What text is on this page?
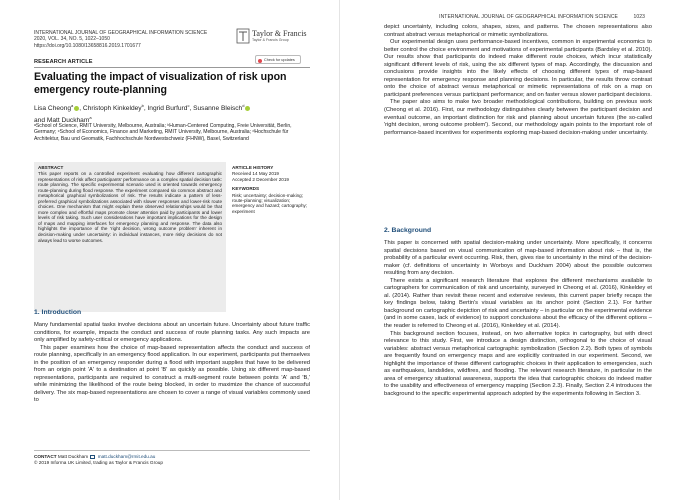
INTERNATIONAL JOURNAL OF GEOGRAPHICAL INFORMATION SCIENCE
2020, VOL. 34, NO. 5, 1022–1050
https://doi.org/10.1080/13658816.2019.1701677
Taylor & Francis
Taylor & Francis Group
Check for updates
RESEARCH ARTICLE
Evaluating the impact of visualization of risk upon emergency route-planning
Lisa Cheong$^a$ , Christoph Kinkeldey$^b$, Ingrid Burfurd$^c$, Susanne Bleisch$^d$
and Matt Duckham$^a$
ᵃSchool of Science, RMIT University, Melbourne, Australia; ᵇHuman-Centered Computing, Freie Universität, Berlin, Germany; ᶜSchool of Economics, Finance and Marketing, RMIT University, Melbourne, Australia; ᵈHochschule für Architektur, Bau und Geomatik, Fachhochschule Nordwestschweiz (FHNW), Basel, Switzerland
ABSTRACT
This paper reports on a controlled experiment evaluating how different cartographic representations of risk affect participants' performance on a complex spatial decision task: route planning. The specific experimental scenario used is oriented towards emergency route-planning during flood response. The experiment compared six common abstract and metaphorical graphical symbolizations of risk. The results indicate a pattern of less-preferred graphical symbolizations associated with slower responses and lower-risk route choices. One mechanism that might explain these observed relationships would be that more complex and effortful maps promote closer attention paid by participants and lower levels of risk taking. Such user considerations have important implications for the design of maps and mapping interfaces for emergency planning and response. The data also highlights the importance of the 'right decision, wrong outcome problem' inherent in decision-making under uncertainty: in individual instances, more risky decisions do not always lead to worse outcomes.
ARTICLE HISTORY
Received 14 May 2019
Accepted 2 December 2019
KEYWORDS
Risk; uncertainty; decision-making; route-planning; visualization; emergency and hazard; cartography; experiment
1. Introduction

Many fundamental spatial tasks involve decisions about an uncertain future. Uncertainty about future traffic conditions, for example, impacts the conduct and success of route planning tasks. Any such impacts are only amplified by safety-critical or emergency applications.

This paper examines how the choice of map-based representation affects the conduct and success of route planning, specifically in an emergency flood application. In our experiment, participants put themselves in the position of an emergency responder during a flood with important supplies that have to be delivered from an origin point 'A' to a destination at point 'B' as quickly as possible. Using six different map-based representations, participants are required to construct a multi-segment route between points 'A' and 'B,' while minimizing the likelihood of the route being blocked, in order to maximize the chance of successful delivery. The six map-based representations are chosen to cover a range of visual variables commonly used to

CONTACT Matt Duckham matt.duckham@rmit.edu.au
© 2019 Informa UK Limited, trading as Taylor & Francis Group
INTERNATIONAL JOURNAL OF GEOGRAPHICAL INFORMATION SCIENCE	1023

depict uncertainty, including colors, shapes, sizes, and patterns. The chosen representations also contrast abstract versus metaphorical or mimetic symbolizations.

Our experimental design uses performance-based incentives, common in experimental economics to better control the choice environment and motivations of experimental participants (Bardsley et al. 2010). Our results show that participants do indeed make different route choices, which incur statistically significant different levels of risk, using the six different types of map. Accordingly, the discussion and conclusions provide insights into the likely effects of choosing different types of map-based representation for emergency response and planning decisions. In particular, the results throw contrast onto the choice of abstract versus metaphorical or mimetic representations of risk on a map on participant preferences versus participant performance; and on faster versus slower participant decisions.

The paper also aims to make two broader methodological contributions, building on previous work (Cheong et al. 2016). First, our methodology distinguishes clearly between the participant decision and eventual outcome, an important distinction for risk and planning about uncertain futures (the so-called 'right decision, wrong outcome problem'). Second, our methodology again points to the important role of performance-based incentives for experiments exploring map-based decision-making under uncertainty.

2. Background

This paper is concerned with spatial decision-making under uncertainty. More specifically, it concerns spatial decisions based on visual communication of map-based information about risk – that is, the probability of a particular event occurring. Risk, then, gives rise to uncertainty in the mind of the decision-maker (cf. definitions of uncertainty in Worboys and Duckham 2004) about the possible outcomes resulting from any decision.

There exists a significant research literature that explores the different mechanisms available to cartographers for communication of risk and uncertainty, surveyed in Cheong et al. (2016), Kinkeldey et al. (2014). Rather than revisit these recent and extensive reviews, this current paper briefly recaps the key findings below, taking Bertin's visual variables as its anchor point (Section 2.1). For further background on cartographic depiction of risk and uncertainty – in particular on the experimental evidence (and in some cases, lack of evidence) to support conclusions about the efficacy of the different options – the reader is referred to Cheong et al. (2016), Kinkeldey et al. (2014).

This background section focuses, instead, on two alternative topics in cartography, but with direct relevance to this study. First, we introduce a design distinction, orthogonal to the choice of visual variables: abstract versus metaphorical cartographic symbolization (Section 2.2). Both types of symbols are frequently found on emergency maps and are explicitly contrasted in our experiment. Second, we highlight the importance of these different cartographic choices in their application to emergencies, such as earthquakes, landslides, wildfires, and flooding. The relevant research literature, in particular in the area of emergency situational awareness, supports the idea that cartographic choices do indeed matter to the usability and effectiveness of emergency mapping (Section 2.3). Finally, Section 2.4 introduces the background to the specific experimental approach adopted by the experiments following in Section 3.
